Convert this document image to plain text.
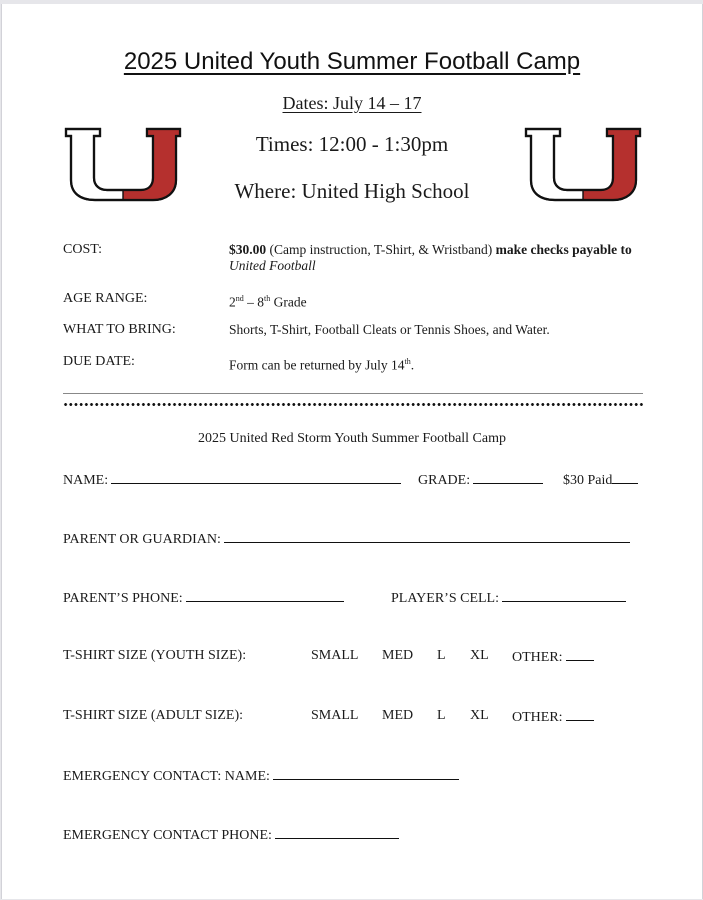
2025 United Youth Summer Football Camp
Dates: July 14 – 17
Times: 12:00 - 1:30pm
Where: United High School
COST:	$30.00 (Camp instruction, T-Shirt, & Wristband) make checks payable to
United Football
AGE RANGE:	2nd – 8th Grade
WHAT TO BRING:	Shorts, T-Shirt, Football Cleats or Tennis Shoes, and Water.
DUE DATE:	Form can be returned by July 14th.
2025 United Red Storm Youth Summer Football Camp
NAME:	GRADE:	$30 Paid
PARENT OR GUARDIAN:
PARENT’S PHONE:	PLAYER’S CELL:
T-SHIRT SIZE (YOUTH SIZE):	SMALL MED L XL OTHER:
T-SHIRT SIZE (ADULT SIZE):	SMALL MED L XL OTHER:
EMERGENCY CONTACT: NAME:
EMERGENCY CONTACT PHONE:
